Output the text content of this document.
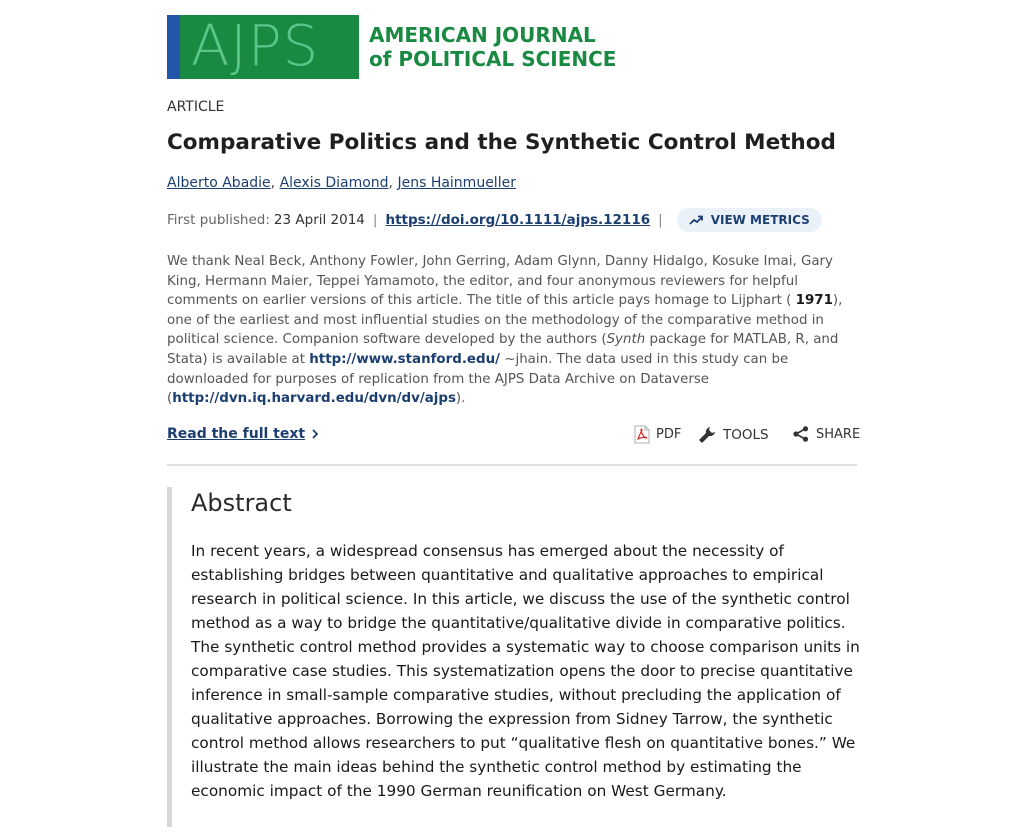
AJPS AMERICAN JOURNAL
of POLITICAL SCIENCE
ARTICLE
Comparative Politics and the Synthetic Control Method
Alberto Abadie, Alexis Diamond, Jens Hainmueller
First published: 23 April 2014 | https://doi.org/10.1111/ajps.12116 |	VIEW METRICS
We thank Neal Beck, Anthony Fowler, John Gerring, Adam Glynn, Danny Hidalgo, Kosuke Imai, Gary King, Hermann Maier, Teppei Yamamoto, the editor, and four anonymous reviewers for helpful comments on earlier versions of this article. The title of this article pays homage to Lijphart ( 1971), one of the earliest and most influential studies on the methodology of the comparative method in political science. Companion software developed by the authors (Synth package for MATLAB, R, and Stata) is available at http://www.stanford.edu/ ~jhain. The data used in this study can be downloaded for purposes of replication from the AJPS Data Archive on Dataverse (http://dvn.iq.harvard.edu/dvn/dv/ajps).
Read the full text	PDF	TOOLS	SHARE
Abstract

In recent years, a widespread consensus has emerged about the necessity of establishing bridges between quantitative and qualitative approaches to empirical research in political science. In this article, we discuss the use of the synthetic control method as a way to bridge the quantitative/qualitative divide in comparative politics. The synthetic control method provides a systematic way to choose comparison units in comparative case studies. This systematization opens the door to precise quantitative inference in small-sample comparative studies, without precluding the application of qualitative approaches. Borrowing the expression from Sidney Tarrow, the synthetic control method allows researchers to put “qualitative flesh on quantitative bones.” We illustrate the main ideas behind the synthetic control method by estimating the economic impact of the 1990 German reunification on West Germany.
